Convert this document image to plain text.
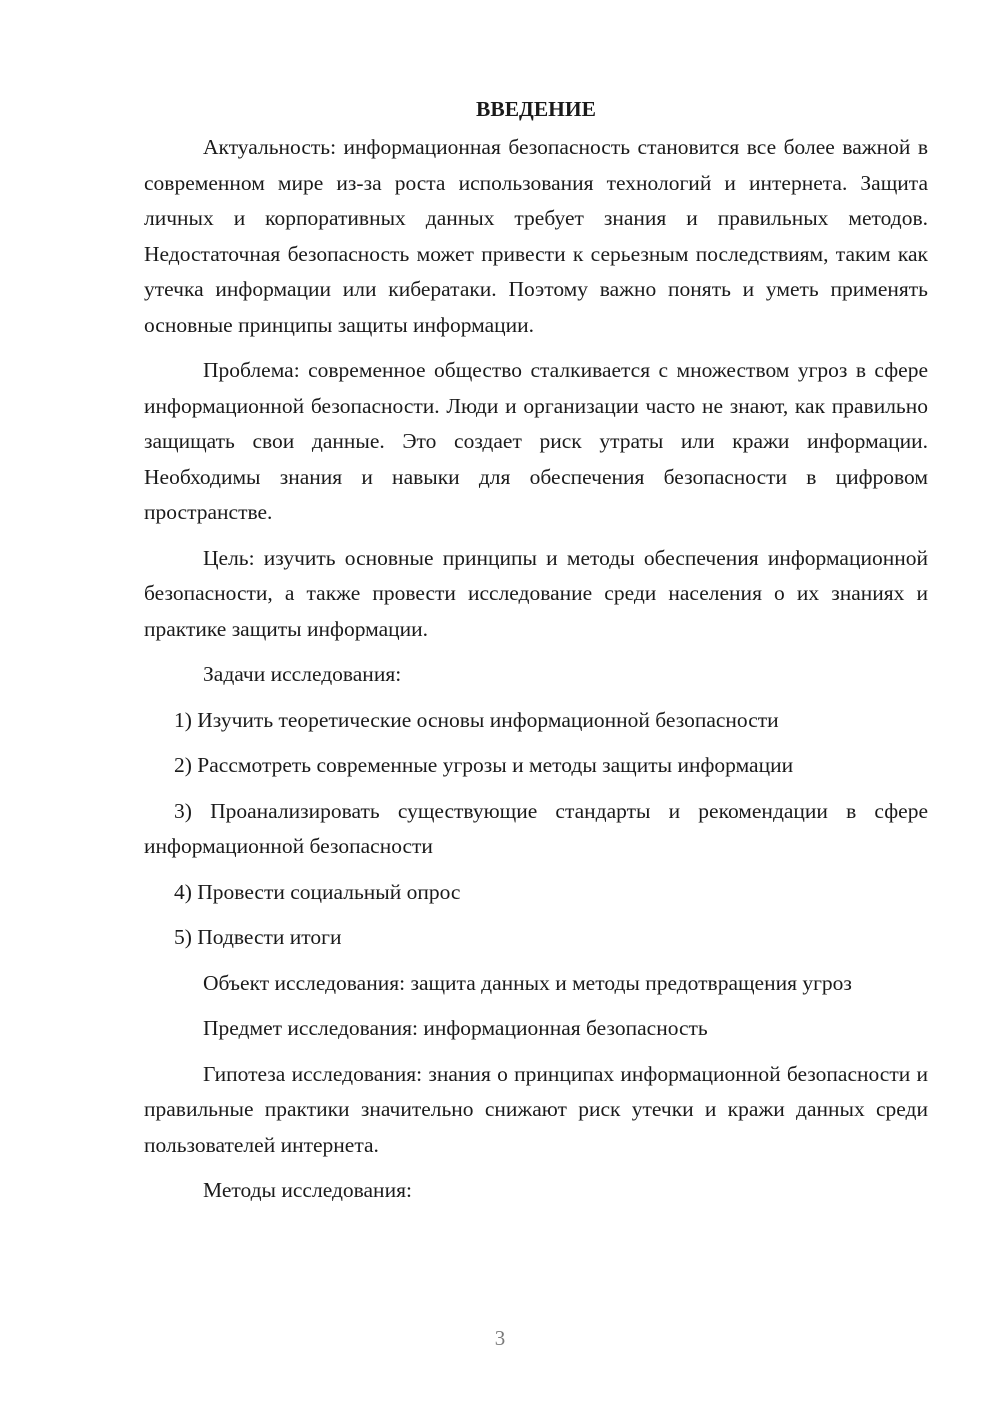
ВВЕДЕНИЕ

Актуальность: информационная безопасность становится все более важной в современном мире из-за роста использования технологий и интернета. Защита личных и корпоративных данных требует знания и правильных методов. Недостаточная безопасность может привести к серьезным последствиям, таким как утечка информации или кибератаки. Поэтому важно понять и уметь применять основные принципы защиты информации.

Проблема: современное общество сталкивается с множеством угроз в сфере информационной безопасности. Люди и организации часто не знают, как правильно защищать свои данные. Это создает риск утраты или кражи информации. Необходимы знания и навыки для обеспечения безопасности в цифровом пространстве.

Цель: изучить основные принципы и методы обеспечения информационной безопасности, а также провести исследование среди населения о их знаниях и практике защиты информации.

Задачи исследования:

1) Изучить теоретические основы информационной безопасности

2) Рассмотреть современные угрозы и методы защиты информации

3) Проанализировать существующие стандарты и рекомендации в сфере информационной безопасности

4) Провести социальный опрос

5) Подвести итоги

Объект исследования: защита данных и методы предотвращения угроз

Предмет исследования: информационная безопасность

Гипотеза исследования: знания о принципах информационной безопасности и правильные практики значительно снижают риск утечки и кражи данных среди пользователей интернета.

Методы исследования:

3
